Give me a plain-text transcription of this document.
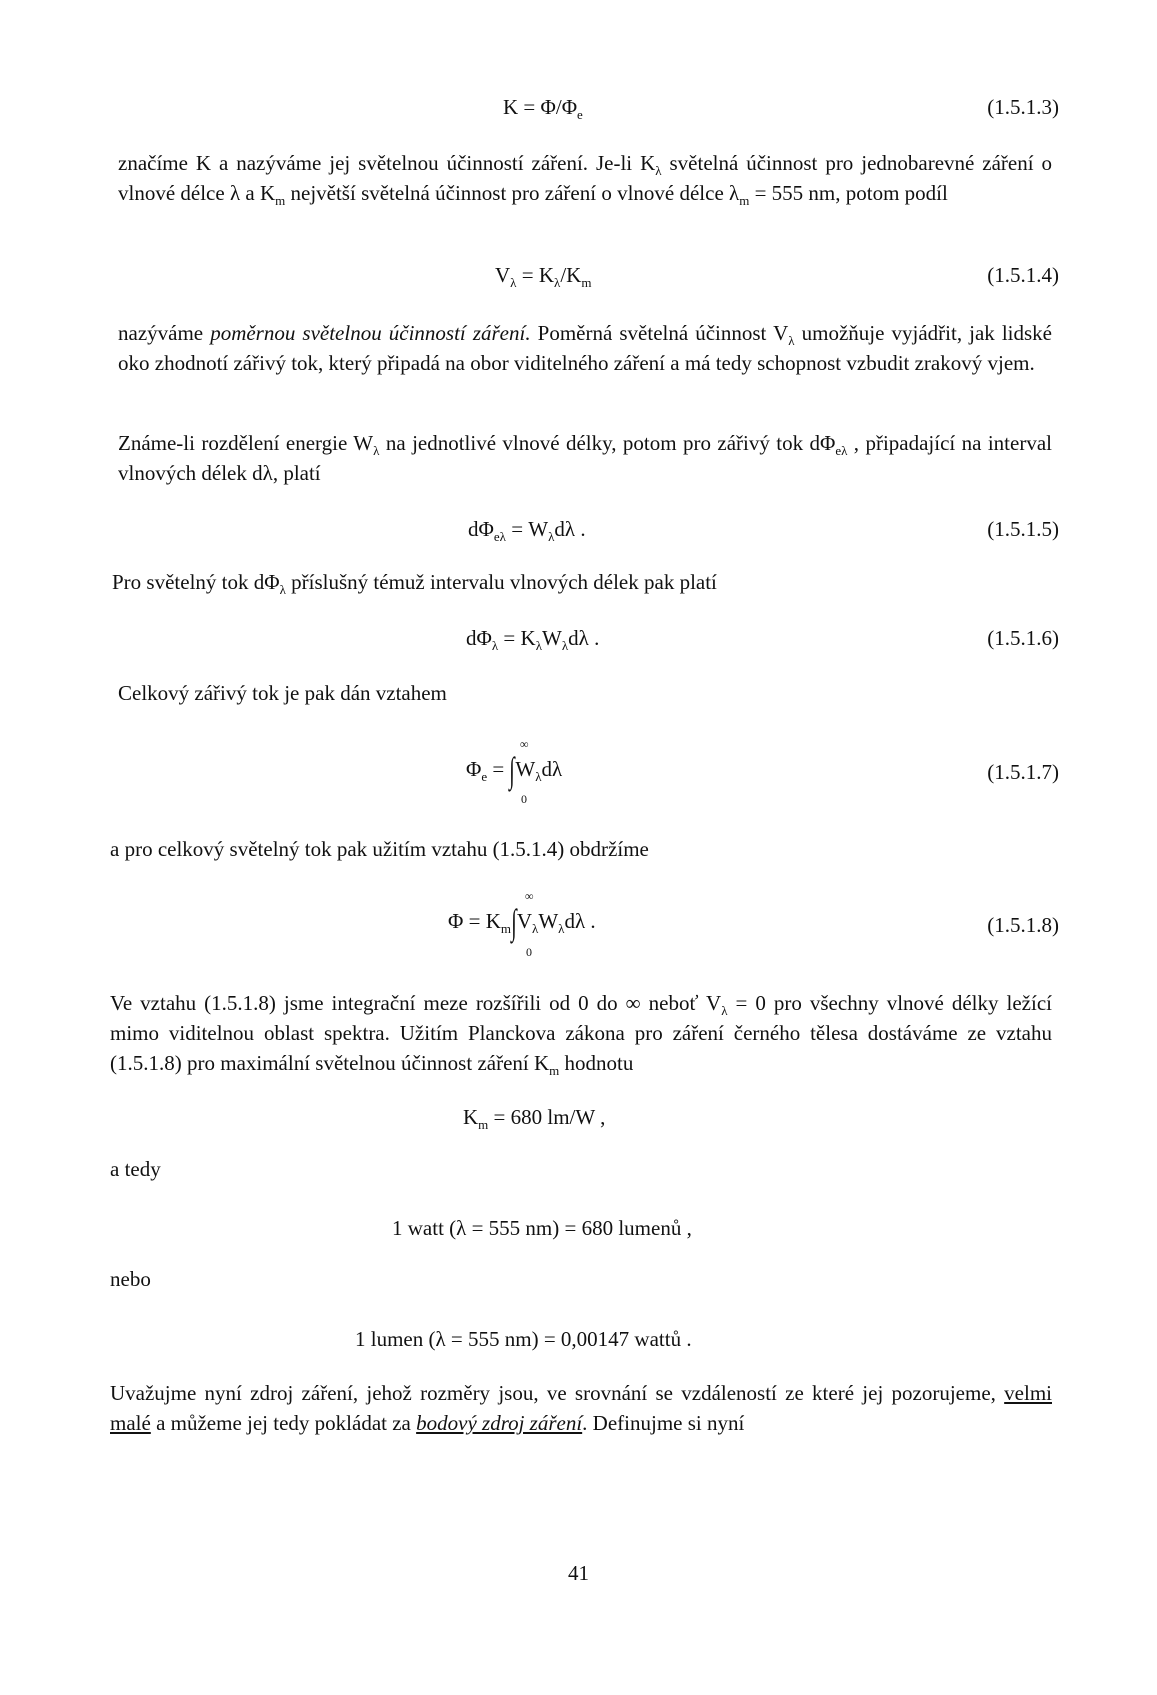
$K = \Phi/\Phi_e$	(1.5.1.3)

značíme K a nazýváme jej světelnou účinností záření. Je-li $K_\lambda$ světelná účinnost pro jednobarevné záření o vlnové délce λ a $K_m$ největší světelná účinnost pro záření o vlnové délce $\lambda_m = 555$ nm, potom podíl

$V_\lambda = K_\lambda/K_m$	(1.5.1.4)

nazýváme poměrnou světelnou účinností záření. Poměrná světelná účinnost $V_\lambda$ umožňuje vyjádřit, jak lidské oko zhodnotí zářivý tok, který připadá na obor viditelného záření a má tedy schopnost vzbudit zrakový vjem.

Známe-li rozdělení energie $W_\lambda$ na jednotlivé vlnové délky, potom pro zářivý tok $d\Phi_{e\lambda}$ , připadající na interval vlnových délek dλ, platí

$d\Phi_{e\lambda} = W_\lambda d\lambda$ .	(1.5.1.5)

Pro světelný tok $d\Phi_\lambda$ příslušný témuž intervalu vlnových délek pak platí

$d\Phi_\lambda = K_\lambda W_\lambda d\lambda$ .	(1.5.1.6)

Celkový zářivý tok je pak dán vztahem

$\Phi_e = \int W_\lambda d\lambda$
∞
0
(1.5.1.7)

a pro celkový světelný tok pak užitím vztahu (1.5.1.4) obdržíme

$\Phi = K_m\int V_\lambda W_\lambda d\lambda$ .
∞
0
(1.5.1.8)

Ve vztahu (1.5.1.8) jsme integrační meze rozšířili od 0 do ∞ neboť $V_\lambda = 0$ pro všechny vlnové délky ležící mimo viditelnou oblast spektra. Užitím Planckova zákona pro záření černého tělesa dostáváme ze vztahu (1.5.1.8) pro maximální světelnou účinnost záření $K_m$ hodnotu

$K_m = 680$ lm/W ,

a tedy

1 watt (λ = 555 nm) = 680 lumenů ,

nebo

1 lumen (λ = 555 nm) = 0,00147 wattů .

Uvažujme nyní zdroj záření, jehož rozměry jsou, ve srovnání se vzdáleností ze které jej pozorujeme, velmi malé a můžeme jej tedy pokládat za bodový zdroj záření. Definujme si nyní

41
